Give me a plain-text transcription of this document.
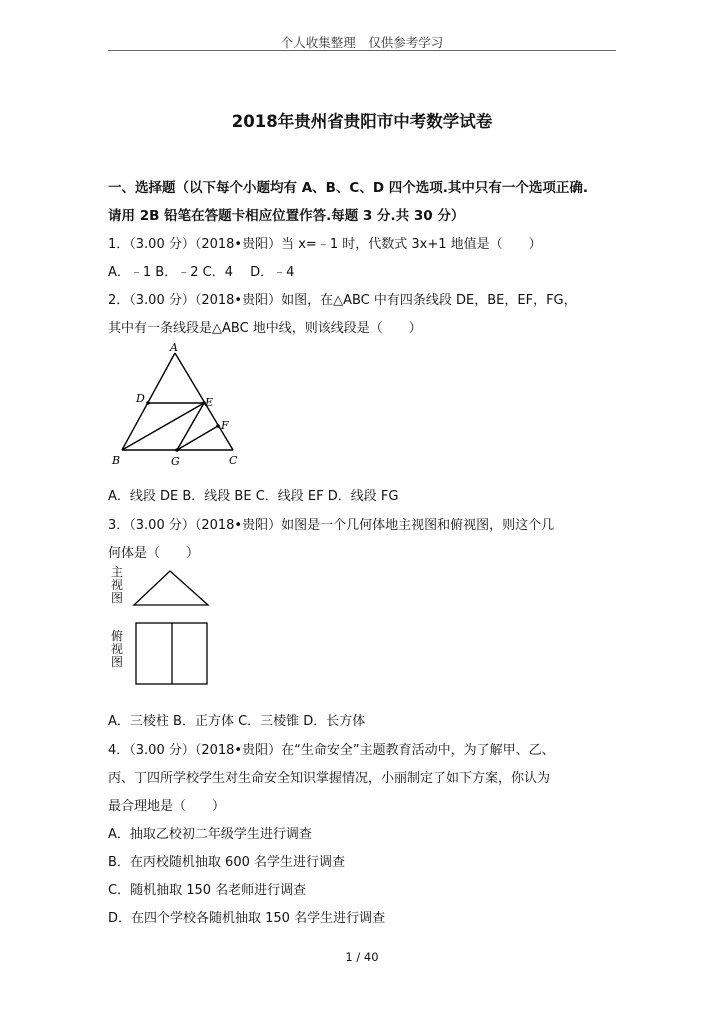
个人收集整理　仅供参考学习
2018年贵州省贵阳市中考数学试卷
一、选择题（以下每个小题均有 A、B、C、D 四个选项.其中只有一个选项正确.
请用 2B 铅笔在答题卡相应位置作答.每题 3 分.共 30 分）
1．（3.00 分）（2018•贵阳）当 x=﹣1 时，代数式 3x+1 地值是（　　）
A．﹣1 B．﹣2 C．4　 D．﹣4
2．（3.00 分）（2018•贵阳）如图，在△ABC 中有四条线段 DE，BE，EF，FG，
其中有一条线段是△ABC 地中线，则该线段是（　　）
A
B	C
D	E
F
G
A．线段 DE B．线段 BE C．线段 EF D．线段 FG
3．（3.00 分）（2018•贵阳）如图是一个几何体地主视图和俯视图，则这个几
何体是（　　）
主视图
俯视图
A．三棱柱 B．正方体 C．三棱锥 D．长方体
4．（3.00 分）（2018•贵阳）在“生命安全”主题教育活动中，为了解甲、乙、
丙、丁四所学校学生对生命安全知识掌握情况，小丽制定了如下方案，你认为
最合理地是（　　）
A．抽取乙校初二年级学生进行调查
B．在丙校随机抽取 600 名学生进行调查
C．随机抽取 150 名老师进行调查
D．在四个学校各随机抽取 150 名学生进行调查
1 / 40
